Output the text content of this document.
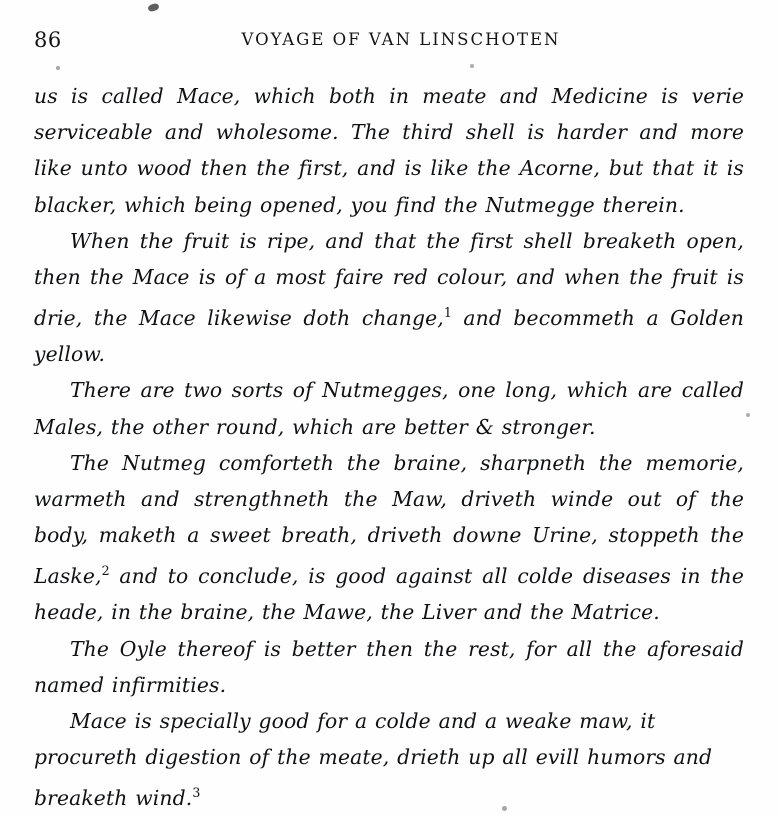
86	VOYAGE OF VAN LINSCHOTEN

us is called Mace, which both in meate and Medicine is verie serviceable and wholesome. The third shell is harder and more like unto wood then the first, and is like the Acorne, but that it is blacker, which being opened, you find the Nutmegge therein.

When the fruit is ripe, and that the first shell breaketh open, then the Mace is of a most faire red colour, and when the fruit is drie, the Mace likewise doth change,$^1$ and becommeth a Golden yellow.

There are two sorts of Nutmegges, one long, which are called Males, the other round, which are better & stronger.

The Nutmeg comforteth the braine, sharpneth the memorie, warmeth and strengthneth the Maw, driveth winde out of the body, maketh a sweet breath, driveth downe Urine, stoppeth the Laske,$^2$ and to conclude, is good against all colde diseases in the heade, in the braine, the Mawe, the Liver and the Matrice.

The Oyle thereof is better then the rest, for all the aforesaid named infirmities.

Mace is specially good for a colde and a weake maw, it procureth digestion of the meate, drieth up all evill humors and breaketh wind.$^3$
